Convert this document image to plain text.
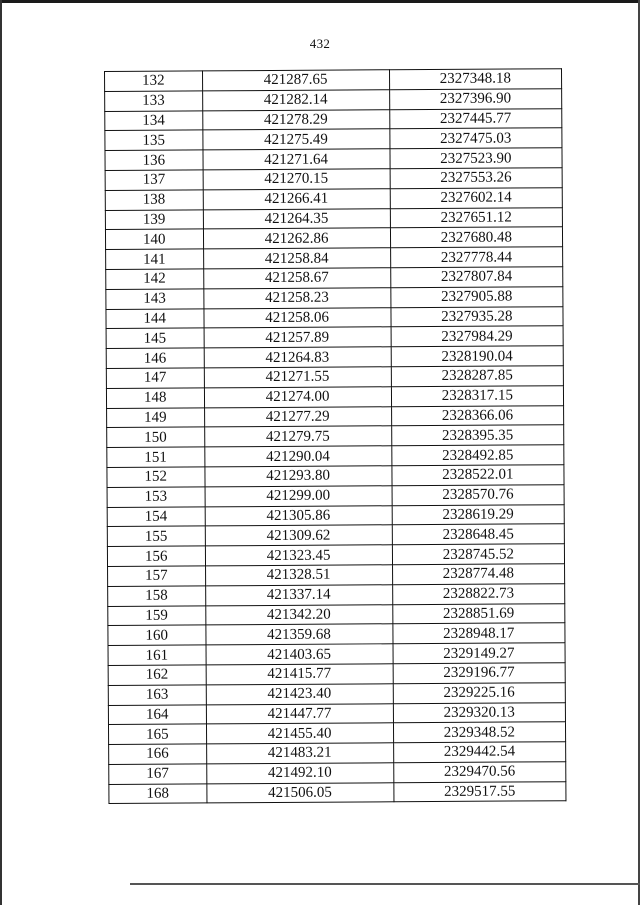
432
132	421287.65	2327348.18
133	421282.14	2327396.90
134	421278.29	2327445.77
135	421275.49	2327475.03
136	421271.64	2327523.90
137	421270.15	2327553.26
138	421266.41	2327602.14
139	421264.35	2327651.12
140	421262.86	2327680.48
141	421258.84	2327778.44
142	421258.67	2327807.84
143	421258.23	2327905.88
144	421258.06	2327935.28
145	421257.89	2327984.29
146	421264.83	2328190.04
147	421271.55	2328287.85
148	421274.00	2328317.15
149	421277.29	2328366.06
150	421279.75	2328395.35
151	421290.04	2328492.85
152	421293.80	2328522.01
153	421299.00	2328570.76
154	421305.86	2328619.29
155	421309.62	2328648.45
156	421323.45	2328745.52
157	421328.51	2328774.48
158	421337.14	2328822.73
159	421342.20	2328851.69
160	421359.68	2328948.17
161	421403.65	2329149.27
162	421415.77	2329196.77
163	421423.40	2329225.16
164	421447.77	2329320.13
165	421455.40	2329348.52
166	421483.21	2329442.54
167	421492.10	2329470.56
168	421506.05	2329517.55
